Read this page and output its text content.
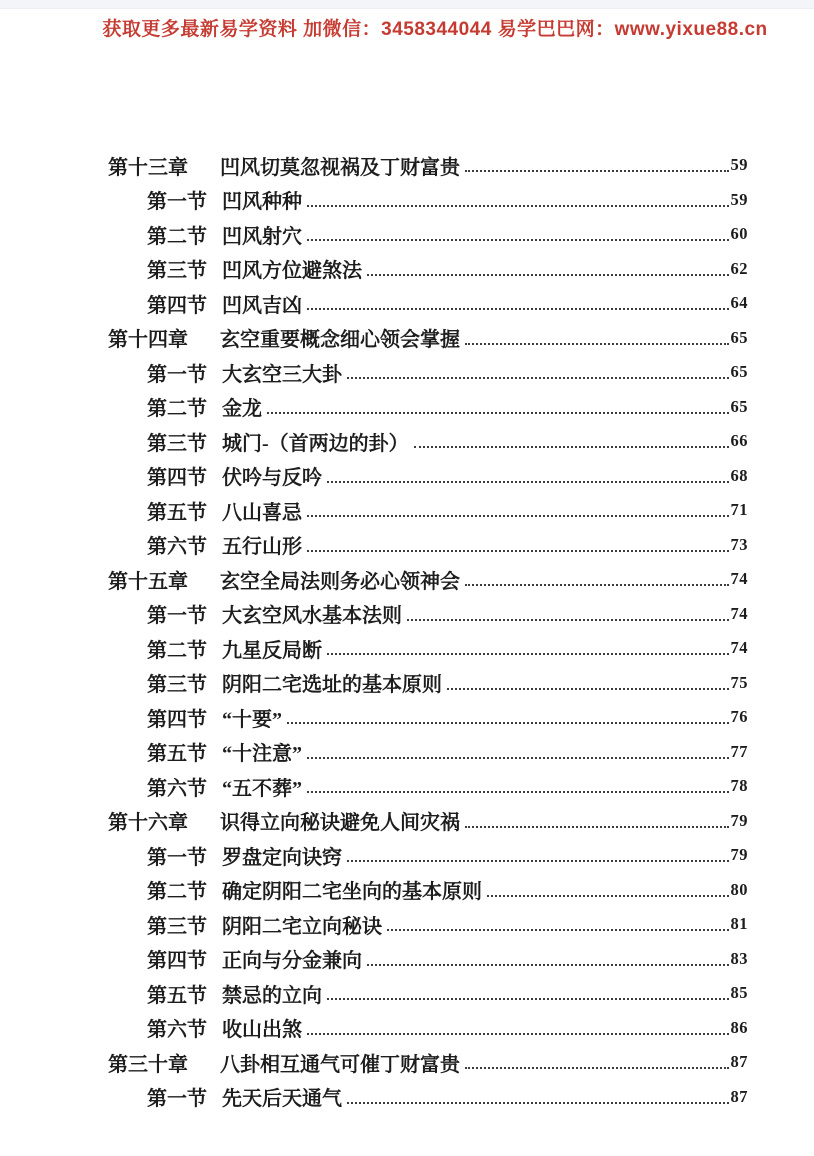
获取更多最新易学资料 加微信：3458344044 易学巴巴网：www.yixue88.cn
第十三章	凹风切莫忽视祸及丁财富贵	59
第一节 凹风种种	59
第二节 凹风射穴	60
第三节 凹风方位避煞法	62
第四节 凹风吉凶	64
第十四章	玄空重要概念细心领会掌握	65
第一节 大玄空三大卦	65
第二节 金龙	65
第三节 城门-（首两边的卦）	66
第四节 伏吟与反吟	68
第五节 八山喜忌	71
第六节 五行山形	73
第十五章	玄空全局法则务必心领神会	74
第一节 大玄空风水基本法则	74
第二节 九星反局断	74
第三节 阴阳二宅选址的基本原则	75
第四节 “十要”	76
第五节 “十注意”	77
第六节 “五不葬”	78
第十六章	识得立向秘诀避免人间灾祸	79
第一节 罗盘定向诀窍	79
第二节 确定阴阳二宅坐向的基本原则	80
第三节 阴阳二宅立向秘诀	81
第四节 正向与分金兼向	83
第五节 禁忌的立向	85
第六节 收山出煞	86
第三十章	八卦相互通气可催丁财富贵	87
第一节 先天后天通气	87
